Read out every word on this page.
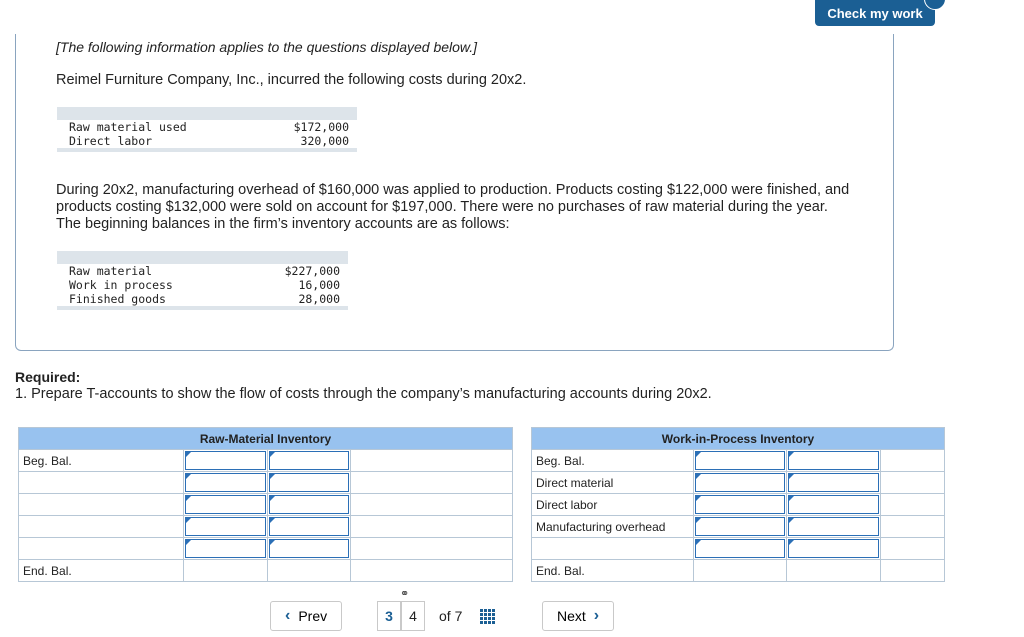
Check my work

[The following information applies to the questions displayed below.]

Reimel Furniture Company, Inc., incurred the following costs during 20x2.

Raw material used	$172,000
Direct labor	320,000

During 20x2, manufacturing overhead of $160,000 was applied to production. Products costing $122,000 were finished, and products costing $132,000 were sold on account for $197,000. There were no purchases of raw material during the year. The beginning balances in the firm’s inventory accounts are as follows:

Raw material	$227,000
Work in process	16,000
Finished goods	28,000

Required:

1. Prepare T-accounts to show the flow of costs through the company’s manufacturing accounts during 20x2.

Raw-Material Inventory			
Beg. Bal.	

End. Bal.			
Work-in-Process Inventory			
Beg. Bal.	

Direct material	

Direct labor	

Manufacturing overhead	

End. Bal.			
‹ Prev
⚭
3	4	of 7	Next ›
